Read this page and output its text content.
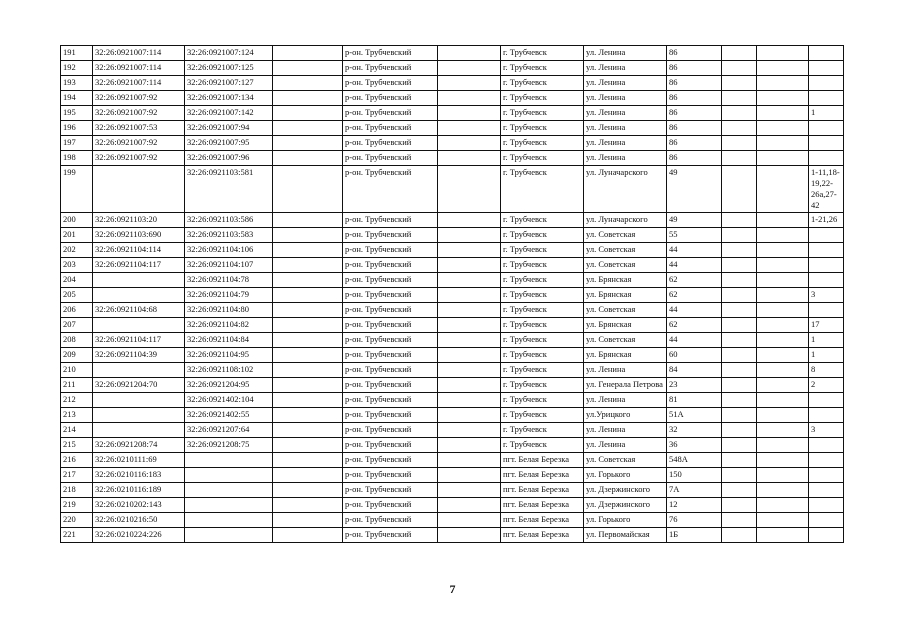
191	32:26:0921007:114	32:26:0921007:124		р-он. Трубчевский		г. Трубчевск	ул. Ленина	86			
192	32:26:0921007:114	32:26:0921007:125		р-он. Трубчевский		г. Трубчевск	ул. Ленина	86			
193	32:26:0921007:114	32:26:0921007:127		р-он. Трубчевский		г. Трубчевск	ул. Ленина	86			
194	32:26:0921007:92	32:26:0921007:134		р-он. Трубчевский		г. Трубчевск	ул. Ленина	86			
195	32:26:0921007:92	32:26:0921007:142		р-он. Трубчевский		г. Трубчевск	ул. Ленина	86			1
196	32:26:0921007:53	32:26:0921007:94		р-он. Трубчевский		г. Трубчевск	ул. Ленина	86			
197	32:26:0921007:92	32:26:0921007:95		р-он. Трубчевский		г. Трубчевск	ул. Ленина	86			
198	32:26:0921007:92	32:26:0921007:96		р-он. Трубчевский		г. Трубчевск	ул. Ленина	86			
199		32:26:0921103:581		р-он. Трубчевский		г. Трубчевск	ул. Луначарского	49			1-11,18-19,22-26а,27-42
200	32:26:0921103:20	32:26:0921103:586		р-он. Трубчевский		г. Трубчевск	ул. Луначарского	49			1-21,26
201	32:26:0921103:690	32:26:0921103:583		р-он. Трубчевский		г. Трубчевск	ул. Советская	55			
202	32:26:0921104:114	32:26:0921104:106		р-он. Трубчевский		г. Трубчевск	ул. Советская	44			
203	32:26:0921104:117	32:26:0921104:107		р-он. Трубчевский		г. Трубчевск	ул. Советская	44			
204		32:26:0921104:78		р-он. Трубчевский		г. Трубчевск	ул. Брянская	62			
205		32:26:0921104:79		р-он. Трубчевский		г. Трубчевск	ул. Брянская	62			3
206	32:26:0921104:68	32:26:0921104:80		р-он. Трубчевский		г. Трубчевск	ул. Советская	44			
207		32:26:0921104:82		р-он. Трубчевский		г. Трубчевск	ул. Брянская	62			17
208	32:26:0921104:117	32:26:0921104:84		р-он. Трубчевский		г. Трубчевск	ул. Советская	44			1
209	32:26:0921104:39	32:26:0921104:95		р-он. Трубчевский		г. Трубчевск	ул. Брянская	60			1
210		32:26:0921108:102		р-он. Трубчевский		г. Трубчевск	ул. Ленина	84			8
211	32:26:0921204:70	32:26:0921204:95		р-он. Трубчевский		г. Трубчевск	ул. Генерала Петрова	23			2
212		32:26:0921402:104		р-он. Трубчевский		г. Трубчевск	ул. Ленина	81			
213		32:26:0921402:55		р-он. Трубчевский		г. Трубчевск	ул.Урицкого	51А			
214		32:26:0921207:64		р-он. Трубчевский		г. Трубчевск	ул. Ленина	32			3
215	32:26:0921208:74	32:26:0921208:75		р-он. Трубчевский		г. Трубчевск	ул. Ленина	36			
216	32:26:0210111:69			р-он. Трубчевский		пгт. Белая Березка	ул. Советская	548А			
217	32:26:0210116:183			р-он. Трубчевский		пгт. Белая Березка	ул. Горького	150			
218	32:26:0210116:189			р-он. Трубчевский		пгт. Белая Березка	ул. Дзержинского	7А			
219	32:26:0210202:143			р-он. Трубчевский		пгт. Белая Березка	ул. Дзержинского	12			
220	32:26:0210216:50			р-он. Трубчевский		пгт. Белая Березка	ул. Горького	76			
221	32:26:0210224:226			р-он. Трубчевский		пгт. Белая Березка	ул. Первомайская	1Б			
7
